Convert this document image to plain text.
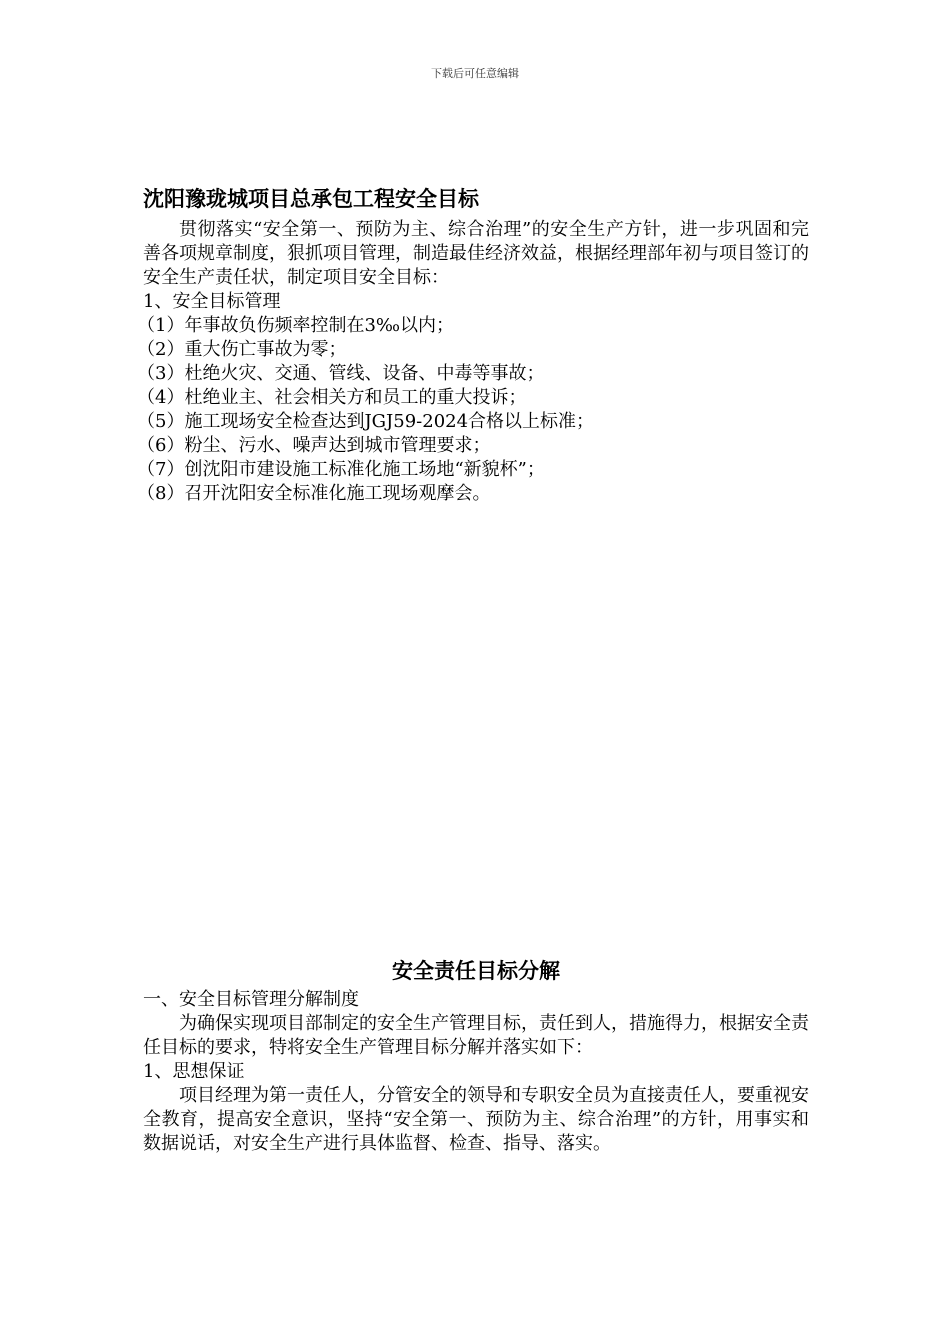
下载后可任意编辑
沈阳豫珑城项目总承包工程安全目标

贯彻落实“安全第一、预防为主、综合治理”的安全生产方针，进一步巩固和完善各项规章制度，狠抓项目管理，制造最佳经济效益，根据经理部年初与项目签订的安全生产责任状，制定项目安全目标：

1、安全目标管理

（1）年事故负伤频率控制在3‰以内；

（2）重大伤亡事故为零；

（3）杜绝火灾、交通、管线、设备、中毒等事故；

（4）杜绝业主、社会相关方和员工的重大投诉；

（5）施工现场安全检查达到JGJ59-2024合格以上标准；

（6）粉尘、污水、噪声达到城市管理要求；

（7）创沈阳市建设施工标准化施工场地“新貌杯”；

（8）召开沈阳安全标准化施工现场观摩会。

安全责任目标分解

一、安全目标管理分解制度

为确保实现项目部制定的安全生产管理目标，责任到人，措施得力，根据安全责任目标的要求，特将安全生产管理目标分解并落实如下：

1、思想保证

项目经理为第一责任人，分管安全的领导和专职安全员为直接责任人，要重视安全教育，提高安全意识，坚持“安全第一、预防为主、综合治理”的方针，用事实和数据说话，对安全生产进行具体监督、检查、指导、落实。
